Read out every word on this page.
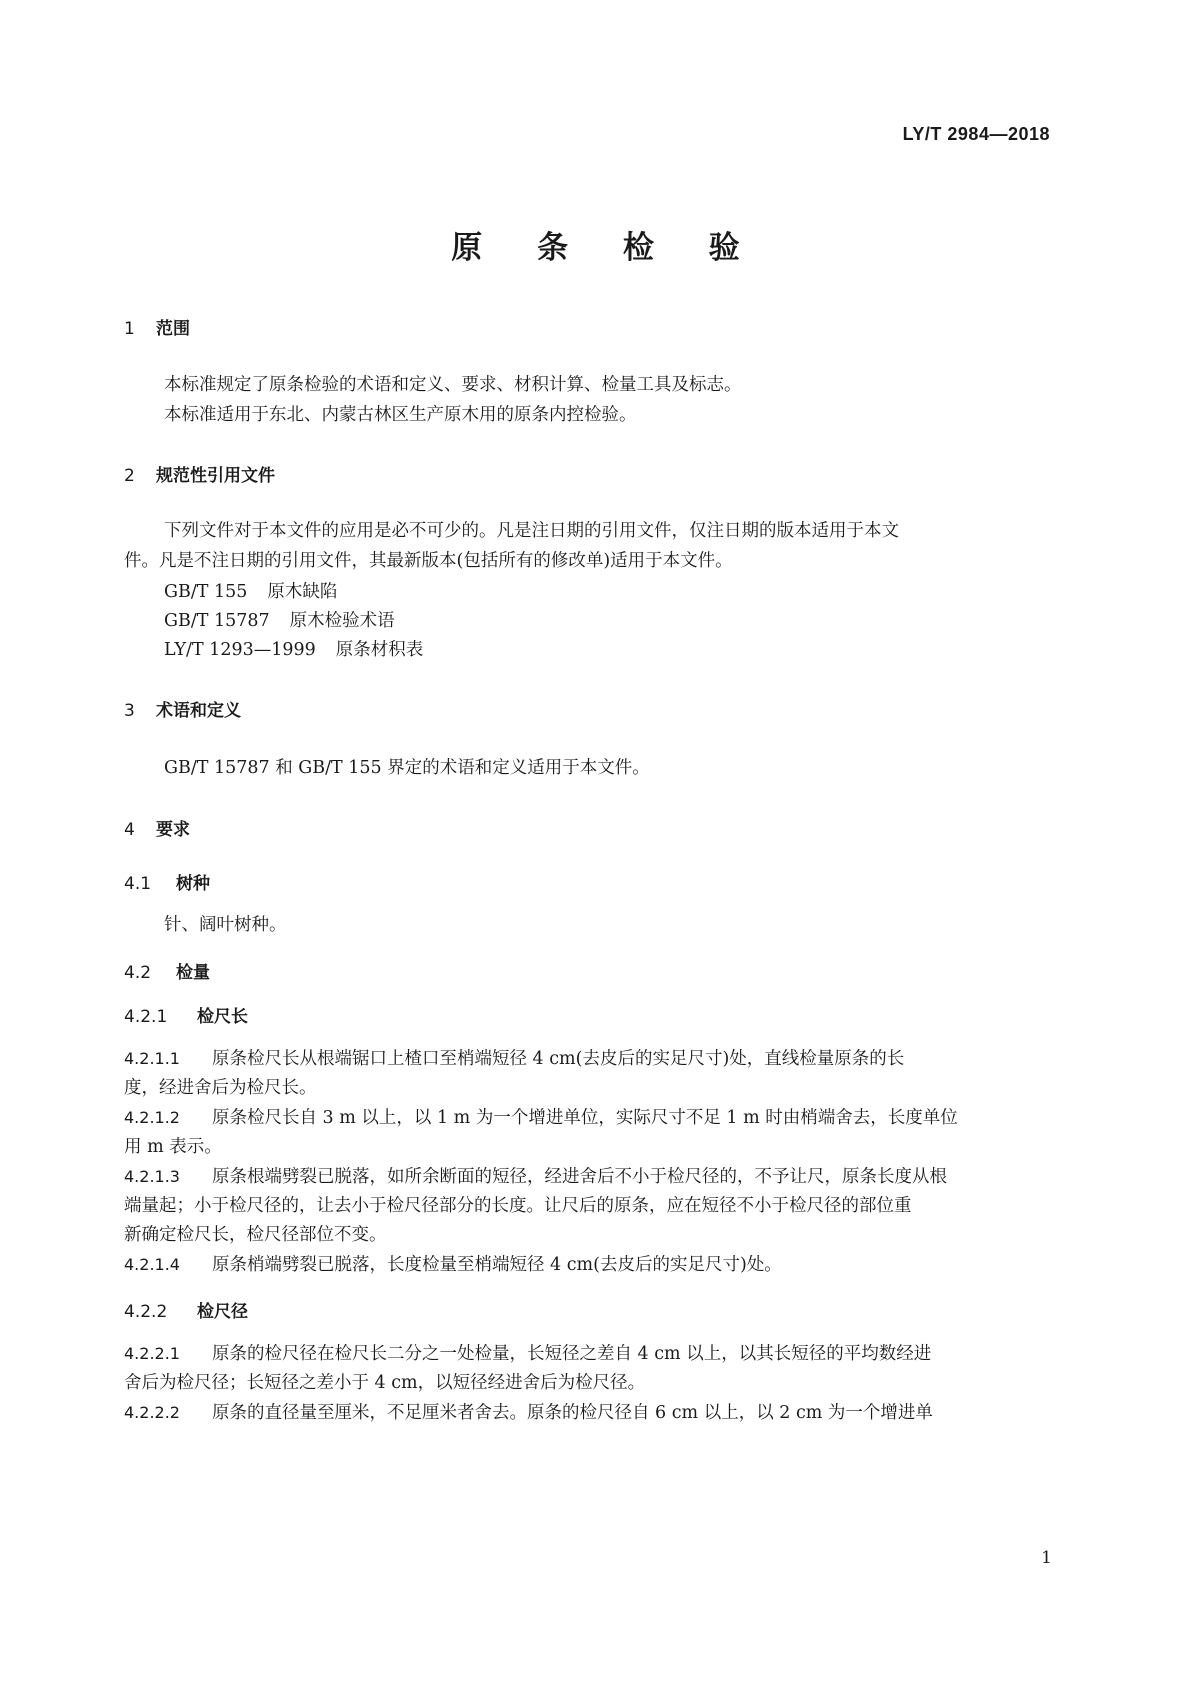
LY/T 2984—2018
原 条 检 验
1 范围
本标准规定了原条检验的术语和定义、要求、材积计算、检量工具及标志。
本标准适用于东北、内蒙古林区生产原木用的原条内控检验。
2 规范性引用文件
下列文件对于本文件的应用是必不可少的。凡是注日期的引用文件，仅注日期的版本适用于本文
件。凡是不注日期的引用文件，其最新版本(包括所有的修改单)适用于本文件。
GB/T 155 原木缺陷
GB/T 15787 原木检验术语
LY/T 1293—1999 原条材积表
3 术语和定义
GB/T 15787 和 GB/T 155 界定的术语和定义适用于本文件。
4 要求
4.1 树种
针、阔叶树种。
4.2 检量
4.2.1 检尺长
4.2.1.1 原条检尺长从根端锯口上楂口至梢端短径 4 cm(去皮后的实足尺寸)处，直线检量原条的长
度，经进舍后为检尺长。
4.2.1.2 原条检尺长自 3 m 以上，以 1 m 为一个增进单位，实际尺寸不足 1 m 时由梢端舍去，长度单位
用 m 表示。
4.2.1.3 原条根端劈裂已脱落，如所余断面的短径，经进舍后不小于检尺径的，不予让尺，原条长度从根
端量起；小于检尺径的，让去小于检尺径部分的长度。让尺后的原条，应在短径不小于检尺径的部位重
新确定检尺长，检尺径部位不变。
4.2.1.4 原条梢端劈裂已脱落，长度检量至梢端短径 4 cm(去皮后的实足尺寸)处。
4.2.2 检尺径
4.2.2.1 原条的检尺径在检尺长二分之一处检量，长短径之差自 4 cm 以上，以其长短径的平均数经进
舍后为检尺径；长短径之差小于 4 cm，以短径经进舍后为检尺径。
4.2.2.2 原条的直径量至厘米，不足厘米者舍去。原条的检尺径自 6 cm 以上，以 2 cm 为一个增进单
1
